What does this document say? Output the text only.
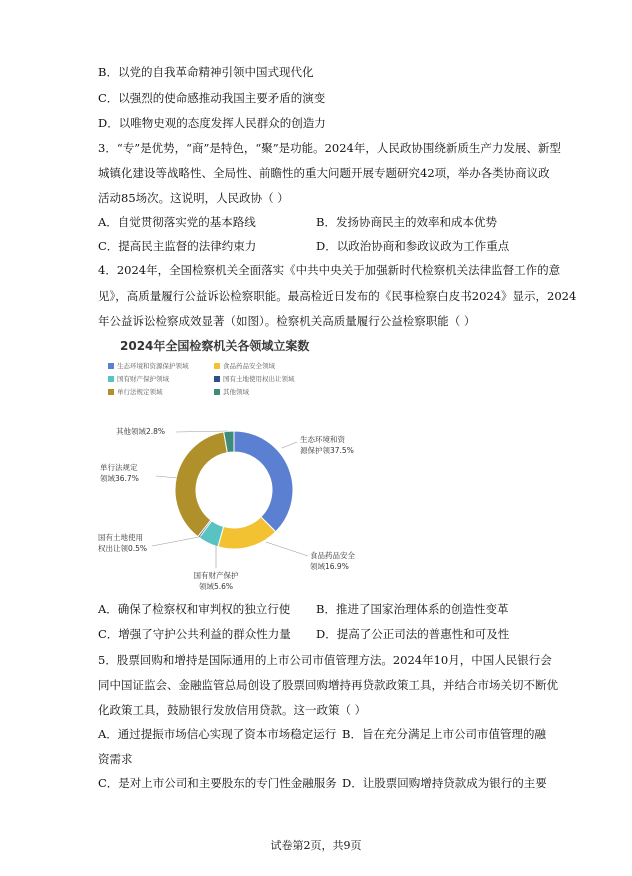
B．以党的自我革命精神引领中国式现代化
C．以强烈的使命感推动我国主要矛盾的演变
D．以唯物史观的态度发挥人民群众的创造力
3．“专”是优势，“商”是特色，“聚”是功能。2024年，人民政协围绕新质生产力发展、新型
城镇化建设等战略性、全局性、前瞻性的重大问题开展专题研究42项，举办各类协商议政
活动85场次。这说明，人民政协（ ）
A．自觉贯彻落实党的基本路线	B．发扬协商民主的效率和成本优势
C．提高民主监督的法律约束力	D．以政治协商和参政议政为工作重点
4．2024年，全国检察机关全面落实《中共中央关于加强新时代检察机关法律监督工作的意
见》，高质量履行公益诉讼检察职能。最高检近日发布的《民事检察白皮书2024》显示，2024
年公益诉讼检察成效显著（如图）。检察机关高质量履行公益检察职能（ ）
2024年全国检察机关各领域立案数
生态环境和资源保护领域	食品药品安全领域
国有财产保护领域	国有土地使用权出让领域
单行法规定领域	其他领域
生态环境和资
源保护领37.5%
食品药品安全
领域16.9%
国有财产保护
领域5.6%
国有土地使用
权出让领0.5%
单行法规定
领域36.7%
其他领域2.8%
A．确保了检察权和审判权的独立行使 B．推进了国家治理体系的创造性变革
C．增强了守护公共利益的群众性力量 D．提高了公正司法的普惠性和可及性
5．股票回购和增持是国际通用的上市公司市值管理方法。2024年10月，中国人民银行会
同中国证监会、金融监管总局创设了股票回购增持再贷款政策工具，并结合市场关切不断优
化政策工具，鼓励银行发放信用贷款。这一政策（ ）
A．通过提振市场信心实现了资本市场稳定运行 B．旨在充分满足上市公司市值管理的融
资需求
C．是对上市公司和主要股东的专门性金融服务 D．让股票回购增持贷款成为银行的主要
试卷第2页，共9页
